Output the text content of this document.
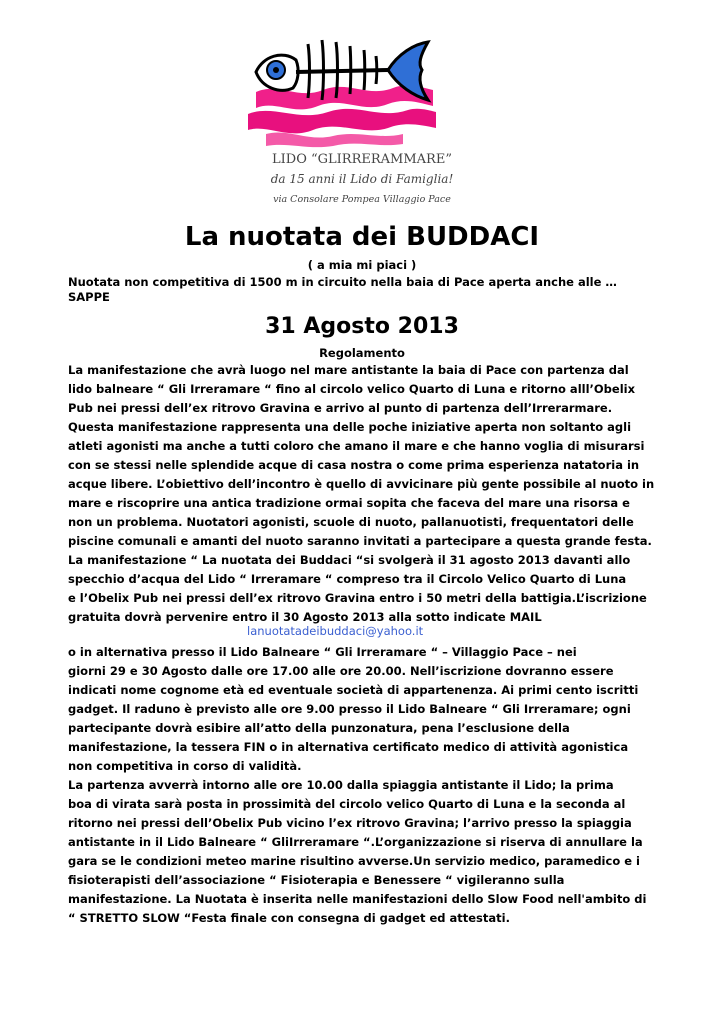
LIDO “GLIRRERAMMARE”
da 15 anni il Lido di Famiglia!
via Consolare Pompea Villaggio Pace
La nuotata dei BUDDACI
( a mia mi piaci )
Nuotata non competitiva di 1500 m in circuito nella baia di Pace aperta anche alle …
SAPPE
31 Agosto 2013
Regolamento
La manifestazione che avrà luogo nel mare antistante la baia di Pace con partenza dal
lido balneare “ Gli Irreramare “ fino al circolo velico Quarto di Luna e ritorno alll’Obelix
Pub nei pressi dell’ex ritrovo Gravina e arrivo al punto di partenza dell’Irrerarmare.
Questa manifestazione rappresenta una delle poche iniziative aperta non soltanto agli
atleti agonisti ma anche a tutti coloro che amano il mare e che hanno voglia di misurarsi
con se stessi nelle splendide acque di casa nostra o come prima esperienza natatoria in
acque libere. L’obiettivo dell’incontro è quello di avvicinare più gente possibile al nuoto in
mare e riscoprire una antica tradizione ormai sopita che faceva del mare una risorsa e
non un problema. Nuotatori agonisti, scuole di nuoto, pallanuotisti, frequentatori delle
piscine comunali e amanti del nuoto saranno invitati a partecipare a questa grande festa.
La manifestazione “ La nuotata dei Buddaci “si svolgerà il 31 agosto 2013 davanti allo
specchio d’acqua del Lido “ Irreramare “ compreso tra il Circolo Velico Quarto di Luna
e l’Obelix Pub nei pressi dell’ex ritrovo Gravina entro i 50 metri della battigia.L’iscrizione
gratuita dovrà pervenire entro il 30 Agosto 2013 alla sotto indicate MAIL
lanuotatadeibuddaci@yahoo.it
o in alternativa presso il Lido Balneare “ Gli Irreramare “ – Villaggio Pace – nei
giorni 29 e 30 Agosto dalle ore 17.00 alle ore 20.00. Nell’iscrizione dovranno essere
indicati nome cognome età ed eventuale società di appartenenza. Ai primi cento iscritti
gadget. Il raduno è previsto alle ore 9.00 presso il Lido Balneare “ Gli Irreramare; ogni
partecipante dovrà esibire all’atto della punzonatura, pena l’esclusione della
manifestazione, la tessera FIN o in alternativa certificato medico di attività agonistica
non competitiva in corso di validità.
La partenza avverrà intorno alle ore 10.00 dalla spiaggia antistante il Lido; la prima
boa di virata sarà posta in prossimità del circolo velico Quarto di Luna e la seconda al
ritorno nei pressi dell’Obelix Pub vicino l’ex ritrovo Gravina; l’arrivo presso la spiaggia
antistante in il Lido Balneare “ GliIrreramare “.L’organizzazione si riserva di annullare la
gara se le condizioni meteo marine risultino avverse.Un servizio medico, paramedico e i
fisioterapisti dell’associazione “ Fisioterapia e Benessere “ vigileranno sulla
manifestazione. La Nuotata è inserita nelle manifestazioni dello Slow Food nell'ambito di
“ STRETTO SLOW “Festa finale con consegna di gadget ed attestati.
